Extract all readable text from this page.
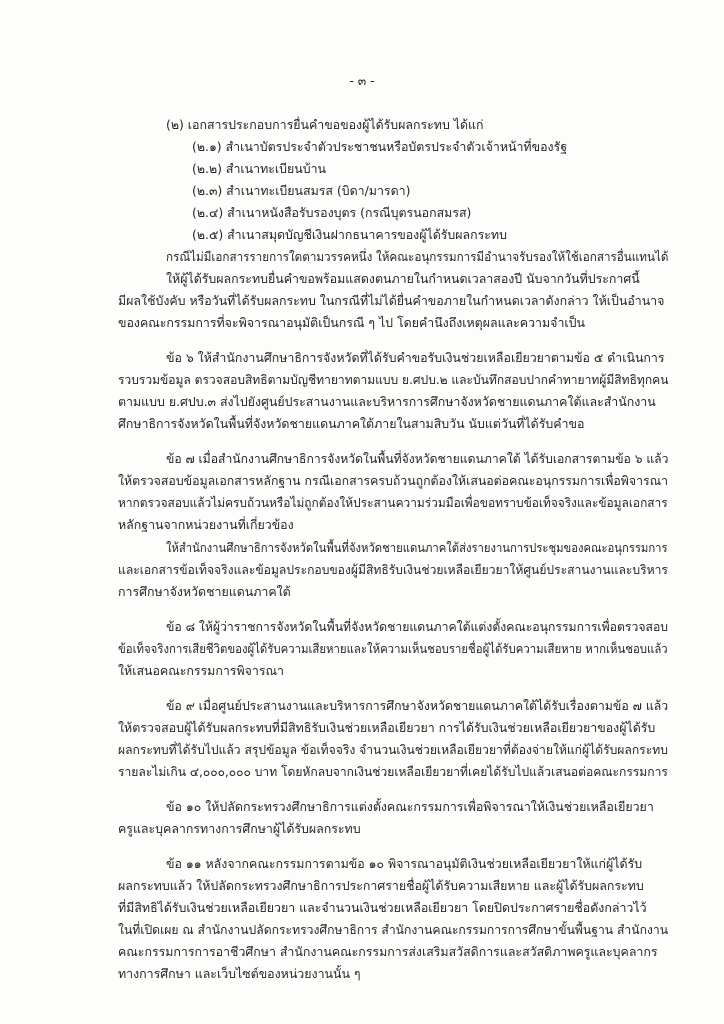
- ๓ -
(๒) เอกสารประกอบการยื่นคำขอของผู้ได้รับผลกระทบ ได้แก่
(๒.๑) สำเนาบัตรประจำตัวประชาชนหรือบัตรประจำตัวเจ้าหน้าที่ของรัฐ
(๒.๒) สำเนาทะเบียนบ้าน
(๒.๓) สำเนาทะเบียนสมรส (บิดา/มารดา)
(๒.๔) สำเนาหนังสือรับรองบุตร (กรณีบุตรนอกสมรส)
(๒.๕) สำเนาสมุดบัญชีเงินฝากธนาคารของผู้ได้รับผลกระทบ
กรณีไม่มีเอกสารรายการใดตามวรรคหนึ่ง ให้คณะอนุกรรมการมีอำนาจรับรองให้ใช้เอกสารอื่นแทนได้
ให้ผู้ได้รับผลกระทบยื่นคำขอพร้อมแสดงตนภายในกำหนดเวลาสองปี นับจากวันที่ประกาศนี้
มีผลใช้บังคับ หรือวันที่ได้รับผลกระทบ ในกรณีที่ไม่ได้ยื่นคำขอภายในกำหนดเวลาดังกล่าว ให้เป็นอำนาจ
ของคณะกรรมการที่จะพิจารณาอนุมัติเป็นกรณี ๆ ไป โดยคำนึงถึงเหตุผลและความจำเป็น
ข้อ ๖ ให้สำนักงานศึกษาธิการจังหวัดที่ได้รับคำขอรับเงินช่วยเหลือเยียวยาตามข้อ ๕ ดำเนินการ
รวบรวมข้อมูล ตรวจสอบสิทธิตามบัญชีทายาทตามแบบ ย.ศปบ.๒ และบันทึกสอบปากคำทายาทผู้มีสิทธิทุกคน
ตามแบบ ย.ศปบ.๓ ส่งไปยังศูนย์ประสานงานและบริหารการศึกษาจังหวัดชายแดนภาคใต้และสำนักงาน
ศึกษาธิการจังหวัดในพื้นที่จังหวัดชายแดนภาคใต้ภายในสามสิบวัน นับแต่วันที่ได้รับคำขอ
ข้อ ๗ เมื่อสำนักงานศึกษาธิการจังหวัดในพื้นที่จังหวัดชายแดนภาคใต้ ได้รับเอกสารตามข้อ ๖ แล้ว
ให้ตรวจสอบข้อมูลเอกสารหลักฐาน กรณีเอกสารครบถ้วนถูกต้องให้เสนอต่อคณะอนุกรรมการเพื่อพิจารณา
หากตรวจสอบแล้วไม่ครบถ้วนหรือไม่ถูกต้องให้ประสานความร่วมมือเพื่อขอทราบข้อเท็จจริงและข้อมูลเอกสาร
หลักฐานจากหน่วยงานที่เกี่ยวข้อง
ให้สำนักงานศึกษาธิการจังหวัดในพื้นที่จังหวัดชายแดนภาคใต้ส่งรายงานการประชุมของคณะอนุกรรมการ
และเอกสารข้อเท็จจริงและข้อมูลประกอบของผู้มีสิทธิรับเงินช่วยเหลือเยียวยาให้ศูนย์ประสานงานและบริหาร
การศึกษาจังหวัดชายแดนภาคใต้
ข้อ ๘ ให้ผู้ว่าราชการจังหวัดในพื้นที่จังหวัดชายแดนภาคใต้แต่งตั้งคณะอนุกรรมการเพื่อตรวจสอบ
ข้อเท็จจริงการเสียชีวิตของผู้ได้รับความเสียหายและให้ความเห็นชอบรายชื่อผู้ได้รับความเสียหาย หากเห็นชอบแล้ว
ให้เสนอคณะกรรมการพิจารณา
ข้อ ๙ เมื่อศูนย์ประสานงานและบริหารการศึกษาจังหวัดชายแดนภาคใต้ได้รับเรื่องตามข้อ ๗ แล้ว
ให้ตรวจสอบผู้ได้รับผลกระทบที่มีสิทธิรับเงินช่วยเหลือเยียวยา การได้รับเงินช่วยเหลือเยียวยาของผู้ได้รับ
ผลกระทบที่ได้รับไปแล้ว สรุปข้อมูล ข้อเท็จจริง จำนวนเงินช่วยเหลือเยียวยาที่ต้องจ่ายให้แก่ผู้ได้รับผลกระทบ
รายละไม่เกิน ๔,๐๐๐,๐๐๐ บาท โดยหักลบจากเงินช่วยเหลือเยียวยาที่เคยได้รับไปแล้วเสนอต่อคณะกรรมการ
ข้อ ๑๐ ให้ปลัดกระทรวงศึกษาธิการแต่งตั้งคณะกรรมการเพื่อพิจารณาให้เงินช่วยเหลือเยียวยา
ครูและบุคลากรทางการศึกษาผู้ได้รับผลกระทบ
ข้อ ๑๑ หลังจากคณะกรรมการตามข้อ ๑๐ พิจารณาอนุมัติเงินช่วยเหลือเยียวยาให้แก่ผู้ได้รับ
ผลกระทบแล้ว ให้ปลัดกระทรวงศึกษาธิการประกาศรายชื่อผู้ได้รับความเสียหาย และผู้ได้รับผลกระทบ
ที่มีสิทธิได้รับเงินช่วยเหลือเยียวยา และจำนวนเงินช่วยเหลือเยียวยา โดยปิดประกาศรายชื่อดังกล่าวไว้
ในที่เปิดเผย ณ สำนักงานปลัดกระทรวงศึกษาธิการ สำนักงานคณะกรรมการการศึกษาขั้นพื้นฐาน สำนักงาน
คณะกรรมการการอาชีวศึกษา สำนักงานคณะกรรมการส่งเสริมสวัสดิการและสวัสดิภาพครูและบุคลากร
ทางการศึกษา และเว็บไซต์ของหน่วยงานนั้น ๆ
